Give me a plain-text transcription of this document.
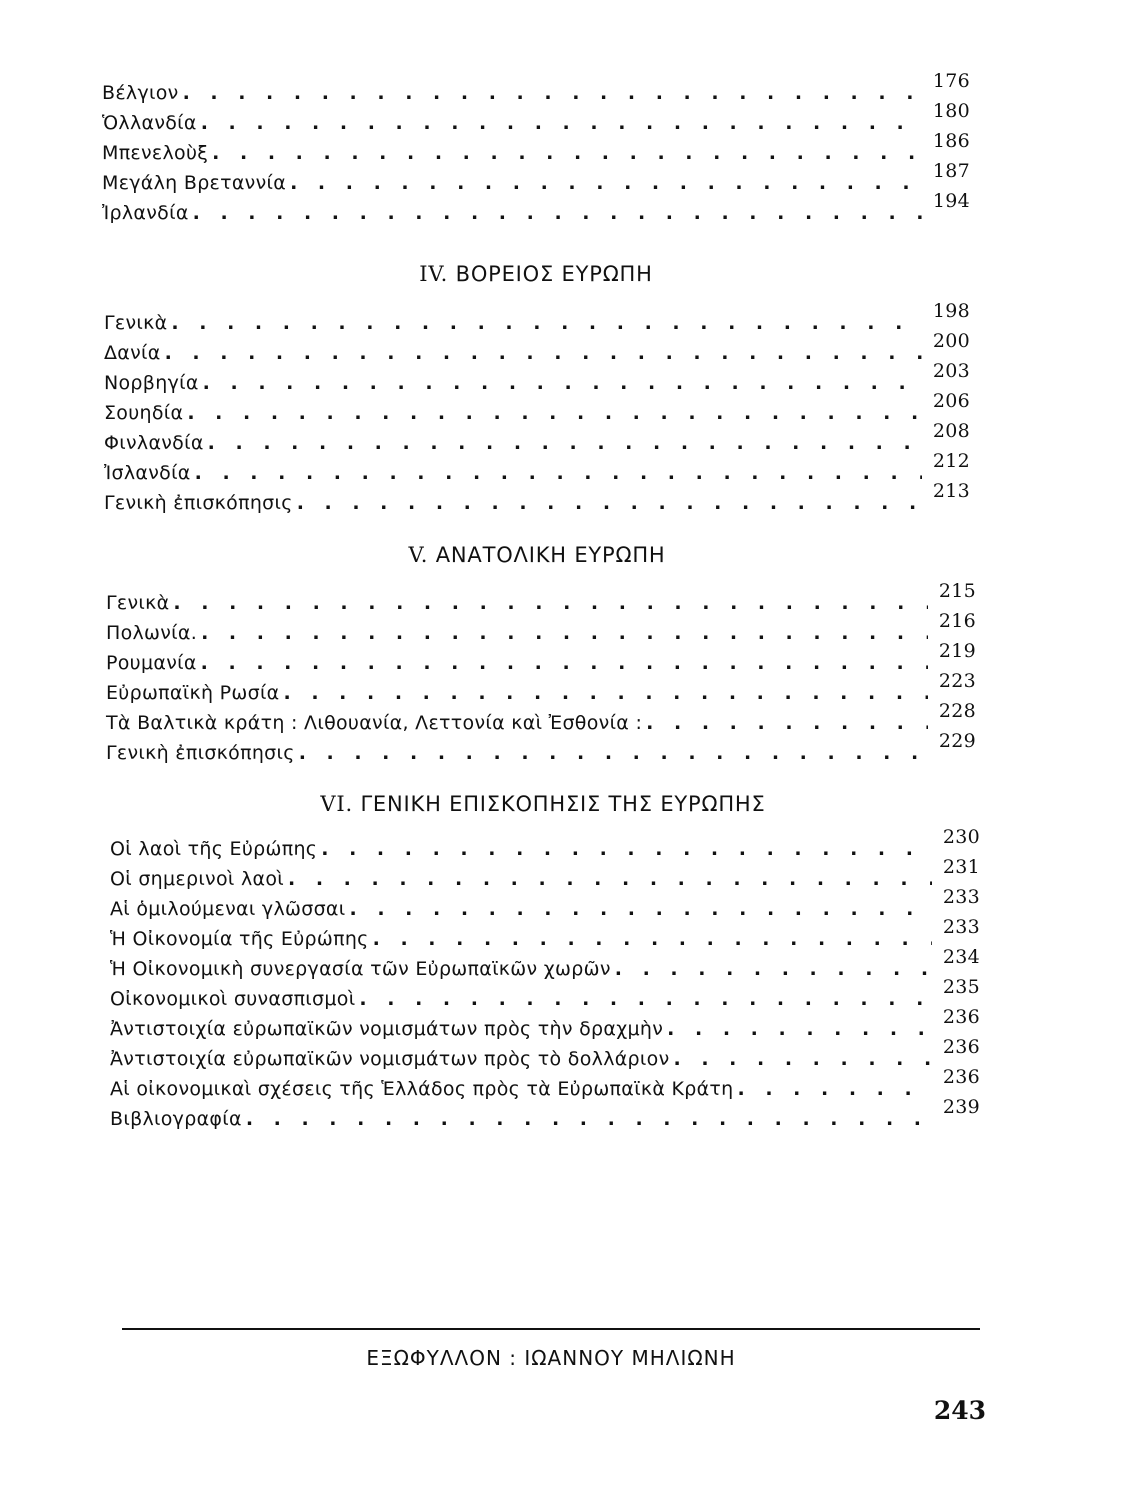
Βέλγιον
. . .
176
Ὁλλανδία
. . .
180
Μπενελοὺξ
. . .
186
Μεγάλη Βρεταννία
. . .
187
Ἰρλανδία
. . .
194
IV. ΒΟΡΕΙΟΣ ΕΥΡΩΠΗ
Γενικὰ
. . .
198
Δανία
. . .
200
Νορβηγία
. . .
203
Σουηδία
. . .
206
Φινλανδία
. . .
208
Ἰσλανδία
. . .
212
Γενικὴ ἐπισκόπησις
. . .
213
V. ΑΝΑΤΟΛΙΚΗ ΕΥΡΩΠΗ
Γενικὰ
. . .
215
Πολωνία.
. . .
216
Ρουμανία
. . .
219
Εὐρωπαϊκὴ Ρωσία
. . .
223
Τὰ Βαλτικὰ κράτη : Λιθουανία, Λεττονία καὶ Ἐσθονία :
. . .
228
Γενικὴ ἐπισκόπησις
. . .
229
VI. ΓΕΝΙΚΗ ΕΠΙΣΚΟΠΗΣΙΣ ΤΗΣ ΕΥΡΩΠΗΣ
Οἱ λαοὶ τῆς Εὐρώπης
. . .
230
Οἱ σημερινοὶ λαοὶ
. . .
231
Αἱ ὁμιλούμεναι γλῶσσαι
. . .
233
Ἡ Οἰκονομία τῆς Εὐρώπης
. . .
233
Ἡ Οἰκονομικὴ συνεργασία τῶν Εὐρωπαϊκῶν χωρῶν
. . .
234
Οἰκονομικοὶ συνασπισμοὶ
. . .
235
Ἀντιστοιχία εὐρωπαϊκῶν νομισμάτων πρὸς τὴν δραχμὴν
. . .
236
Ἀντιστοιχία εὐρωπαϊκῶν νομισμάτων πρὸς τὸ δολλάριον
. . .
236
Αἱ οἰκονομικαὶ σχέσεις τῆς Ἑλλάδος πρὸς τὰ Εὐρωπαϊκὰ Κράτη
. . .
236
Βιβλιογραφία
. . .
239
ΕΞΩΦΥΛΛΟΝ : ΙΩΑΝΝΟΥ ΜΗΛΙΩΝΗ
243
